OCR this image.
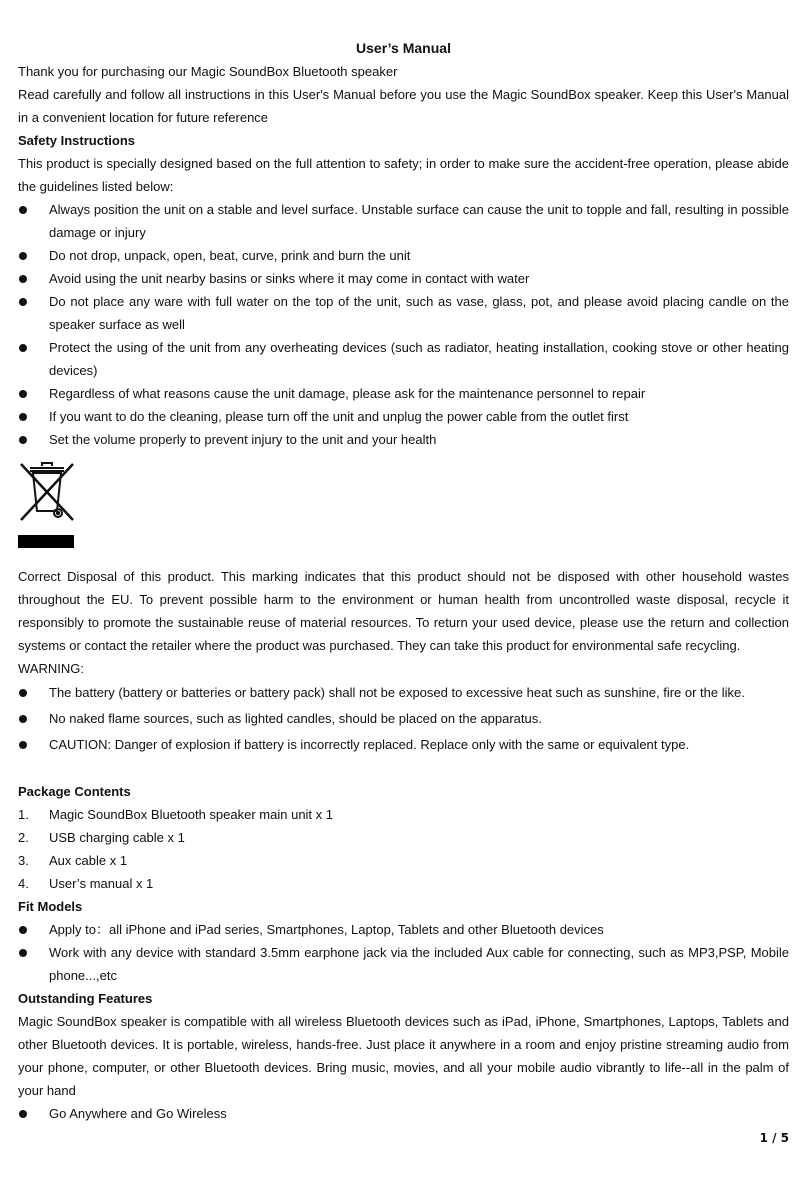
User’s Manual

Thank you for purchasing our Magic SoundBox Bluetooth speaker

Read carefully and follow all instructions in this User's Manual before you use the Magic SoundBox speaker. Keep this User's Manual in a convenient location for future reference

Safety Instructions

This product is specially designed based on the full attention to safety; in order to make sure the accident-free operation, please abide the guidelines listed below:

Always position the unit on a stable and level surface. Unstable surface can cause the unit to topple and fall, resulting in possible damage or injury
Do not drop, unpack, open, beat, curve, prink and burn the unit
Avoid using the unit nearby basins or sinks where it may come in contact with water
Do not place any ware with full water on the top of the unit, such as vase, glass, pot, and please avoid placing candle on the speaker surface as well
Protect the using of the unit from any overheating devices (such as radiator, heating installation, cooking stove or other heating devices)
Regardless of what reasons cause the unit damage, please ask for the maintenance personnel to repair
If you want to do the cleaning, please turn off the unit and unplug the power cable from the outlet first
Set the volume properly to prevent injury to the unit and your health

Correct Disposal of this product. This marking indicates that this product should not be disposed with other household wastes throughout the EU. To prevent possible harm to the environment or human health from uncontrolled waste disposal, recycle it responsibly to promote the sustainable reuse of material resources. To return your used device, please use the return and collection systems or contact the retailer where the product was purchased. They can take this product for environmental safe recycling.

WARNING:

The battery (battery or batteries or battery pack) shall not be exposed to excessive heat such as sunshine, fire or the like.
No naked flame sources, such as lighted candles, should be placed on the apparatus.
CAUTION: Danger of explosion if battery is incorrectly replaced. Replace only with the same or equivalent type.

Package Contents

1. Magic SoundBox Bluetooth speaker main unit x 1
2. USB charging cable x 1
3. Aux cable x 1
4. User’s manual x 1

Fit Models

Apply to：all iPhone and iPad series, Smartphones, Laptop, Tablets and other Bluetooth devices
Work with any device with standard 3.5mm earphone jack via the included Aux cable for connecting, such as MP3,PSP, Mobile phone...,etc

Outstanding Features

Magic SoundBox speaker is compatible with all wireless Bluetooth devices such as iPad, iPhone, Smartphones, Laptops, Tablets and other Bluetooth devices. It is portable, wireless, hands-free. Just place it anywhere in a room and enjoy pristine streaming audio from your phone, computer, or other Bluetooth devices. Bring music, movies, and all your mobile audio vibrantly to life--all in the palm of your hand

Go Anywhere and Go Wireless
1 / 5
